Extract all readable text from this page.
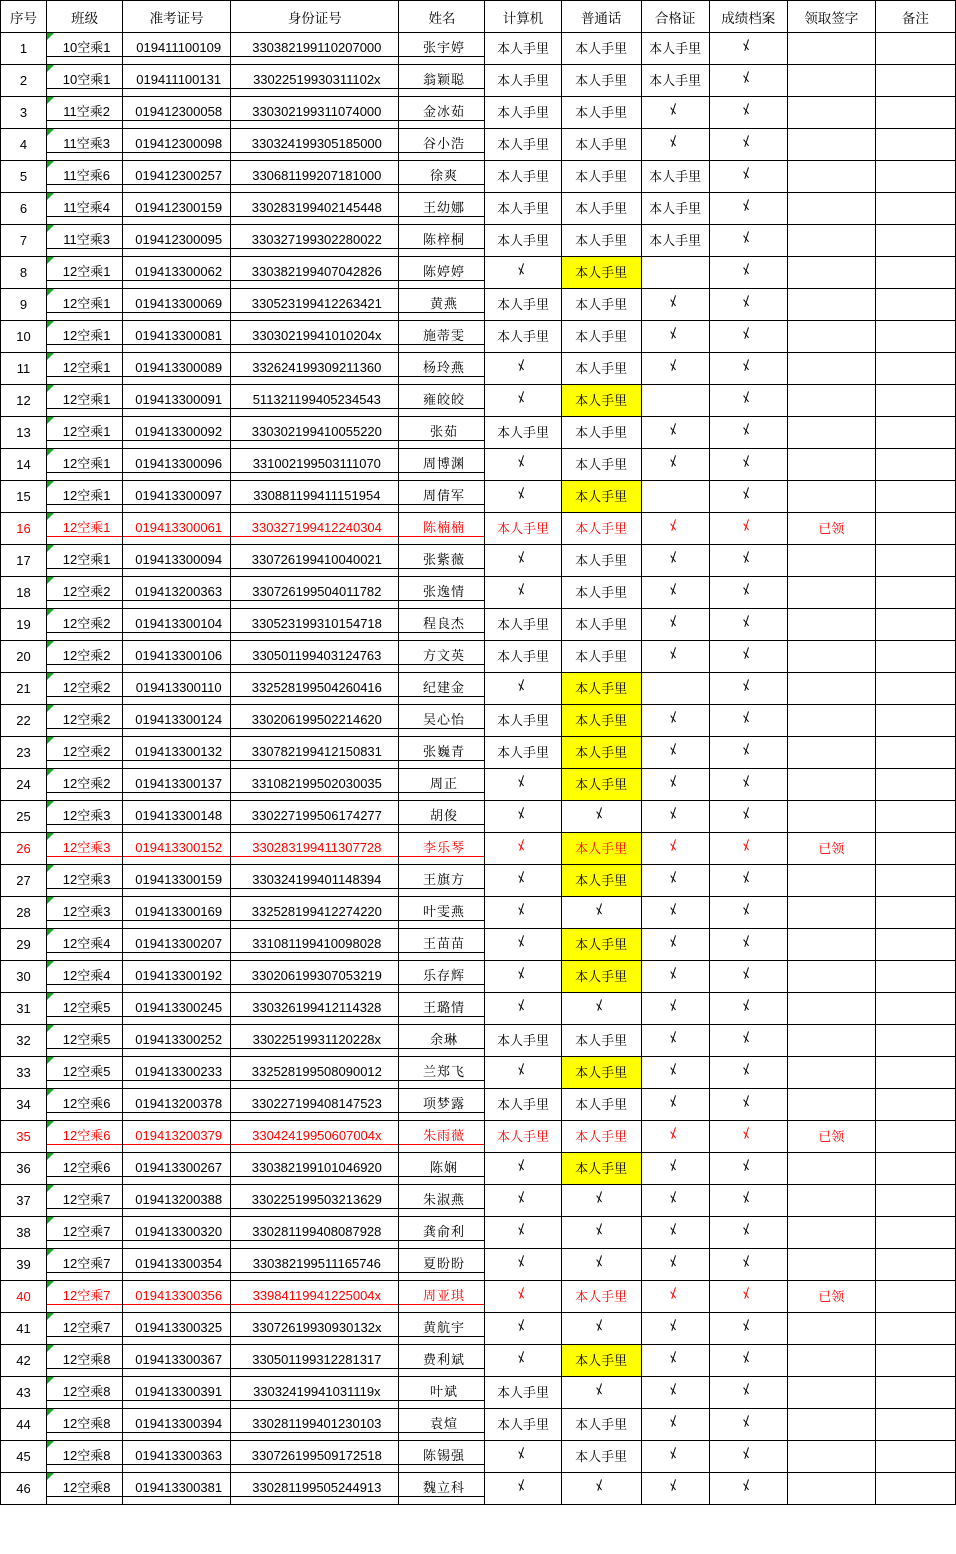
序号	班级	准考证号	身份证号	姓名	计算机	普通话	合格证	成绩档案	领取签字	备注
1	10空乘1	019411100109	330382199110207000	张宇婷	本人手里	本人手里	本人手里			

2	10空乘1	019411100131	33022519930311102x	翁颖聪	本人手里	本人手里	本人手里			

3	11空乘2	019412300058	330302199311074000	金冰茹	本人手里	本人手里				

4	11空乘3	019412300098	330324199305185000	谷小浩	本人手里	本人手里				

5	11空乘6	019412300257	330681199207181000	徐爽	本人手里	本人手里	本人手里			

6	11空乘4	019412300159	330283199402145448	王幼娜	本人手里	本人手里	本人手里			

7	11空乘3	019412300095	330327199302280022	陈梓桐	本人手里	本人手里	本人手里			

8	12空乘1	019413300062	330382199407042826	陈婷婷		本人手里				

9	12空乘1	019413300069	330523199412263421	黄燕	本人手里	本人手里				

10	12空乘1	019413300081	33030219941010204x	施蒂雯	本人手里	本人手里				

11	12空乘1	019413300089	332624199309211360	杨玲燕		本人手里				

12	12空乘1	019413300091	511321199405234543	雍皎皎		本人手里				

13	12空乘1	019413300092	330302199410055220	张茹	本人手里	本人手里				

14	12空乘1	019413300096	331002199503111070	周博渊		本人手里				

15	12空乘1	019413300097	330881199411151954	周倩军		本人手里				

16	12空乘1	019413300061	330327199412240304	陈楠楠	本人手里	本人手里			已领	

17	12空乘1	019413300094	330726199410040021	张紫薇		本人手里				

18	12空乘2	019413200363	330726199504011782	张逸情		本人手里				

19	12空乘2	019413300104	330523199310154718	程良杰	本人手里	本人手里				

20	12空乘2	019413300106	330501199403124763	方文英	本人手里	本人手里				

21	12空乘2	019413300110	332528199504260416	纪建金		本人手里				

22	12空乘2	019413300124	330206199502214620	吴心怡	本人手里	本人手里				

23	12空乘2	019413300132	330782199412150831	张巍青	本人手里	本人手里				

24	12空乘2	019413300137	331082199502030035	周正		本人手里				

25	12空乘3	019413300148	330227199506174277	胡俊						
26	12空乘3	019413300152	330283199411307728	李乐琴		本人手里			已领	

27	12空乘3	019413300159	330324199401148394	王旗方		本人手里				

28	12空乘3	019413300169	332528199412274220	叶雯燕						
29	12空乘4	019413300207	331081199410098028	王苗苗		本人手里				

30	12空乘4	019413300192	330206199307053219	乐存辉		本人手里				

31	12空乘5	019413300245	330326199412114328	王璐情						
32	12空乘5	019413300252	33022519931120228x	余琳	本人手里	本人手里				

33	12空乘5	019413300233	332528199508090012	兰郑飞		本人手里				

34	12空乘6	019413200378	330227199408147523	项梦露	本人手里	本人手里				

35	12空乘6	019413200379	33042419950607004x	朱雨薇	本人手里	本人手里			已领	

36	12空乘6	019413300267	330382199101046920	陈娴		本人手里				

37	12空乘7	019413200388	330225199503213629	朱淑燕						
38	12空乘7	019413300320	330281199408087928	龚俞利						
39	12空乘7	019413300354	330382199511165746	夏盼盼						
40	12空乘7	019413300356	33984119941225004x	周亚琪		本人手里			已领	

41	12空乘7	019413300325	33072619930930132x	黄航宇						
42	12空乘8	019413300367	330501199312281317	费利斌		本人手里				

43	12空乘8	019413300391	33032419941031119x	叶斌	本人手里					

44	12空乘8	019413300394	330281199401230103	袁煊	本人手里	本人手里				

45	12空乘8	019413300363	330726199509172518	陈锡强		本人手里				

46	12空乘8	019413300381	330281199505244913	魏立科						
